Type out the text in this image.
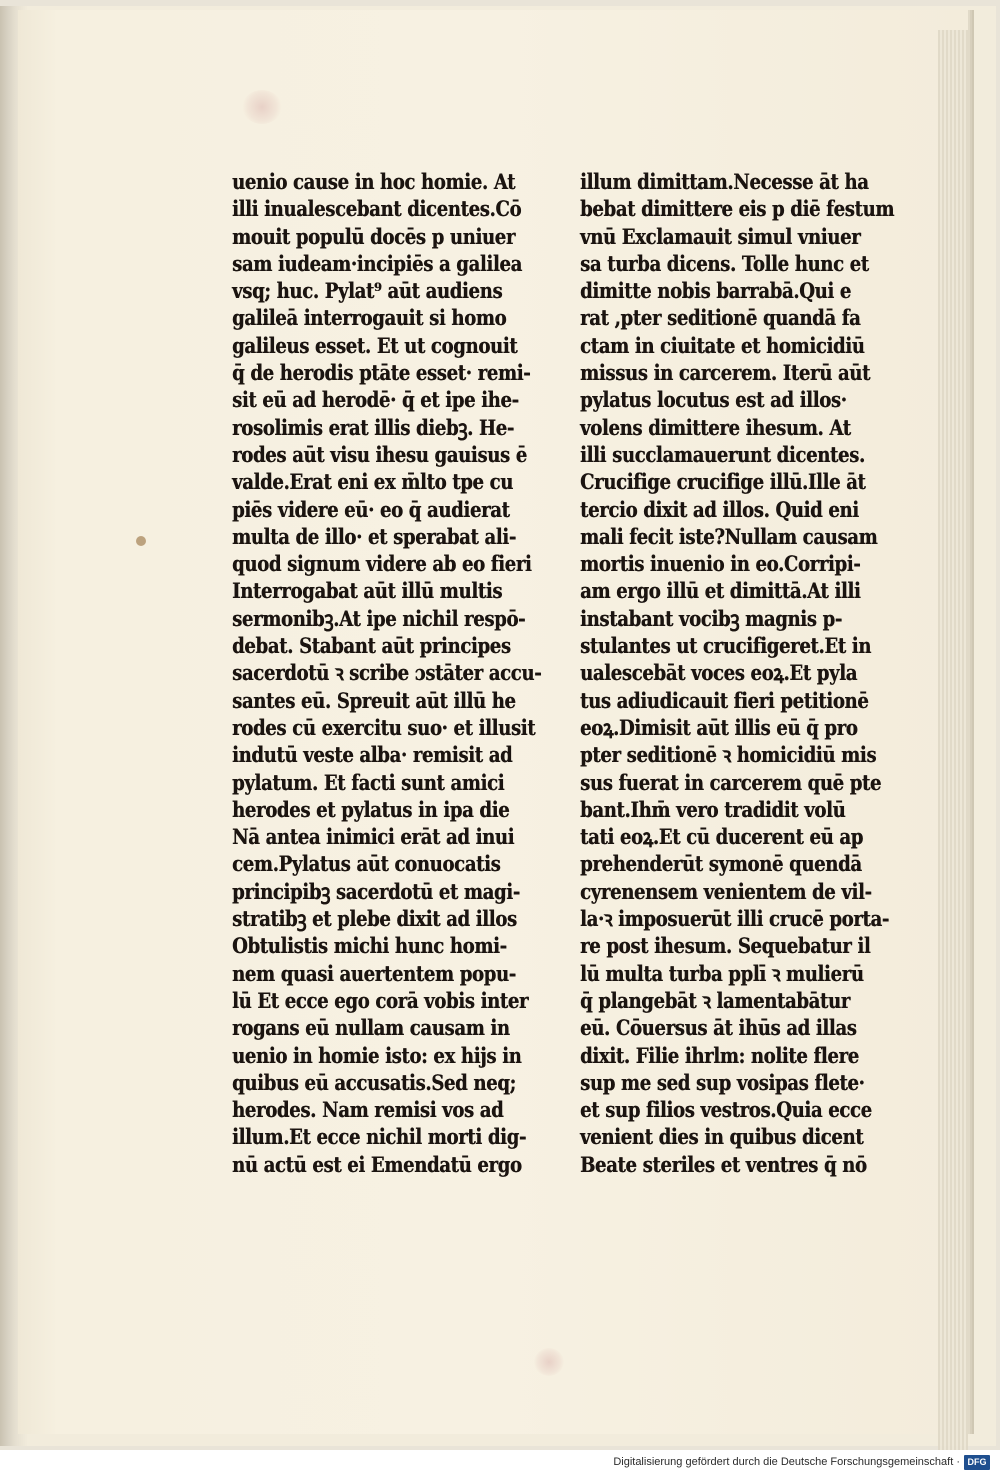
uenio cause in hoc homie. At
illi inualescebant dicentes.Cō
mouit populū docēs p uniuer
sam iudeam·incipiēs a galilea
vsq; huc. Pylat⁹ aūt audiens
galileā interrogauit si homo
galileus esset. Et ut cognouit
q̄ de herodis ptāte esset· remi-
sit eū ad herodē· q̄ et ipe ihe-
rosolimis erat illis diebꝫ. He-
rodes aūt visu ihesu gauisus ē
valde.Erat eni ex m̄lto tpe cu
piēs videre eū· eo q̄ audierat
multa de illo· et sperabat ali-
quod signum videre ab eo fieri
Interrogabat aūt illū multis
sermonibꝫ.At ipe nichil respō-
debat. Stabant aūt principes
sacerdotū ꝛ scribe ɔstāter accu-
santes eū. Spreuit aūt illū he
rodes cū exercitu suo· et illusit
indutū veste alba· remisit ad
pylatum. Et facti sunt amici
herodes et pylatus in ipa die
Nā antea inimici erāt ad inui
cem.Pylatus aūt conuocatis
principibꝫ sacerdotū et magi-
stratibꝫ et plebe dixit ad illos
Obtulistis michi hunc homi-
nem quasi auertentem popu-
lū Et ecce ego corā vobis inter
rogans eū nullam causam in
uenio in homie isto: ex hijs in
quibus eū accusatis.Sed neq;
herodes. Nam remisi vos ad
illum.Et ecce nichil morti dig-
nū actū est ei Emendatū ergo
illum dimittam.Necesse āt ha
bebat dimittere eis p diē festum
vnū Exclamauit simul vniuer
sa turba dicens. Tolle hunc et
dimitte nobis barrabā.Qui e
rat ,pter seditionē quandā fa
ctam in ciuitate et homicidiū
missus in carcerem. Iterū aūt
pylatus locutus est ad illos·
volens dimittere ihesum. At
illi succlamauerunt dicentes.
Crucifige crucifige illū.Ille āt
tercio dixit ad illos. Quid eni
mali fecit iste?Nullam causam
mortis inuenio in eo.Corripi-
am ergo illū et dimittā.At illi
instabant vocibꝫ magnis p-
stulantes ut crucifigeret.Et in
ualescebāt voces eoꝝ.Et pyla
tus adiudicauit fieri petitionē
eoꝝ.Dimisit aūt illis eū q̄ pro
pter seditionē ꝛ homicidiū mis
sus fuerat in carcerem quē pte
bant.Ihm̄ vero tradidit volū
tati eoꝝ.Et cū ducerent eū ap
prehenderūt symonē quendā
cyrenensem venientem de vil-
la·ꝛ imposuerūt illi crucē porta-
re post ihesum. Sequebatur il
lū multa turba pplī ꝛ mulierū
q̄ plangebāt ꝛ lamentabātur
eū. Cōuersus āt ihūs ad illas
dixit. Filie ihrlm: nolite flere
sup me sed sup vosipas flete·
et sup filios vestros.Quia ecce
venient dies in quibus dicent
Beate steriles et ventres q̄ nō
Digitalisierung gefördert durch die Deutsche Forschungsgemeinschaft · DFG
